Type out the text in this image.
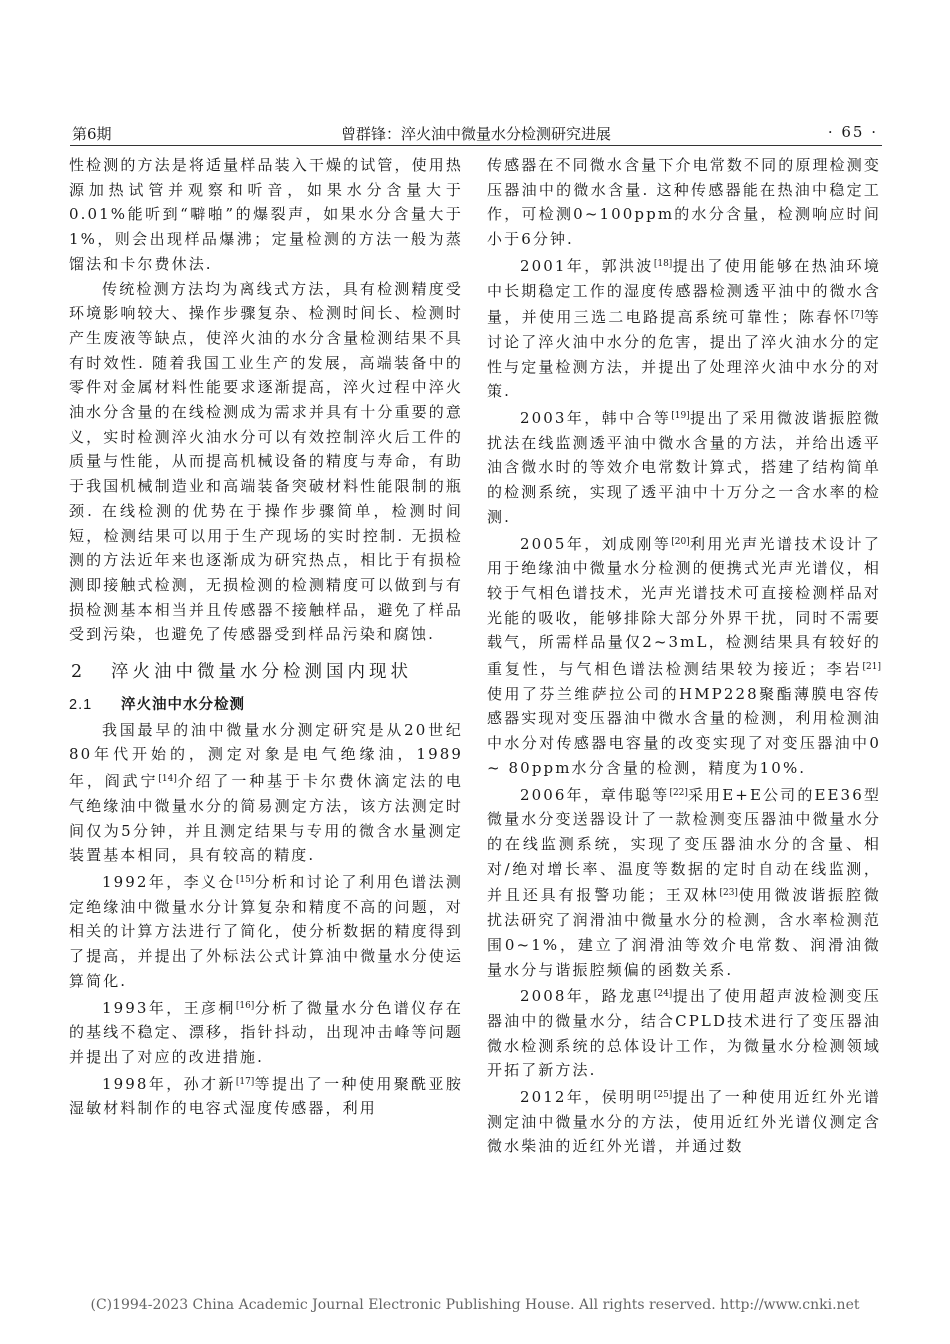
第6期	曾群锋：淬火油中微量水分检测研究进展	· 65 ·

性检测的方法是将适量样品装入干燥的试管，使用热源加热试管并观察和听音，如果水分含量大于0.01%能听到“噼啪”的爆裂声，如果水分含量大于1%，则会出现样品爆沸；定量检测的方法一般为蒸馏法和卡尔费休法.

传统检测方法均为离线式方法，具有检测精度受环境影响较大、操作步骤复杂、检测时间长、检测时产生废液等缺点，使淬火油的水分含量检测结果不具有时效性. 随着我国工业生产的发展，高端装备中的零件对金属材料性能要求逐渐提高，淬火过程中淬火油水分含量的在线检测成为需求并具有十分重要的意义，实时检测淬火油水分可以有效控制淬火后工件的质量与性能，从而提高机械设备的精度与寿命，有助于我国机械制造业和高端装备突破材料性能限制的瓶颈. 在线检测的优势在于操作步骤简单，检测时间短，检测结果可以用于生产现场的实时控制. 无损检测的方法近年来也逐渐成为研究热点，相比于有损检测即接触式检测，无损检测的检测精度可以做到与有损检测基本相当并且传感器不接触样品，避免了样品受到污染，也避免了传感器受到样品污染和腐蚀.

2 淬火油中微量水分检测国内现状
2.1 淬火油中水分检测

我国最早的油中微量水分测定研究是从20世纪80年代开始的，测定对象是电气绝缘油，1989年，阎武宁[14]介绍了一种基于卡尔费休滴定法的电气绝缘油中微量水分的简易测定方法，该方法测定时间仅为5分钟，并且测定结果与专用的微含水量测定装置基本相同，具有较高的精度.

1992年，李义仓[15]分析和讨论了利用色谱法测定绝缘油中微量水分计算复杂和精度不高的问题，对相关的计算方法进行了简化，使分析数据的精度得到了提高，并提出了外标法公式计算油中微量水分使运算简化.

1993年，王彦桐[16]分析了微量水分色谱仪存在的基线不稳定、漂移，指针抖动，出现冲击峰等问题并提出了对应的改进措施.

1998年，孙才新[17]等提出了一种使用聚酰亚胺湿敏材料制作的电容式湿度传感器，利用

传感器在不同微水含量下介电常数不同的原理检测变压器油中的微水含量. 这种传感器能在热油中稳定工作，可检测0~100ppm的水分含量，检测响应时间小于6分钟.

2001年，郭洪波[18]提出了使用能够在热油环境中长期稳定工作的湿度传感器检测透平油中的微水含量，并使用三选二电路提高系统可靠性；陈春怀[7]等讨论了淬火油中水分的危害，提出了淬火油水分的定性与定量检测方法，并提出了处理淬火油中水分的对策.

2003年，韩中合等[19]提出了采用微波谐振腔微扰法在线监测透平油中微水含量的方法，并给出透平油含微水时的等效介电常数计算式，搭建了结构简单的检测系统，实现了透平油中十万分之一含水率的检测.

2005年，刘成刚等[20]利用光声光谱技术设计了用于绝缘油中微量水分检测的便携式光声光谱仪，相较于气相色谱技术，光声光谱技术可直接检测样品对光能的吸收，能够排除大部分外界干扰，同时不需要载气，所需样品量仅2~3mL，检测结果具有较好的重复性，与气相色谱法检测结果较为接近；李岩[21]使用了芬兰维萨拉公司的HMP228聚酯薄膜电容传感器实现对变压器油中微水含量的检测，利用检测油中水分对传感器电容量的改变实现了对变压器油中0 ~ 80ppm水分含量的检测，精度为10%.

2006年，章伟聪等[22]采用E+E公司的EE36型微量水分变送器设计了一款检测变压器油中微量水分的在线监测系统，实现了变压器油水分的含量、相对/绝对增长率、温度等数据的定时自动在线监测，并且还具有报警功能；王双林[23]使用微波谐振腔微扰法研究了润滑油中微量水分的检测，含水率检测范围0~1%，建立了润滑油等效介电常数、润滑油微量水分与谐振腔频偏的函数关系.

2008年，路龙惠[24]提出了使用超声波检测变压器油中的微量水分，结合CPLD技术进行了变压器油微水检测系统的总体设计工作，为微量水分检测领域开拓了新方法.

2012年，侯明明[25]提出了一种使用近红外光谱测定油中微量水分的方法，使用近红外光谱仪测定含微水柴油的近红外光谱，并通过数

(C)1994-2023 China Academic Journal Electronic Publishing House. All rights reserved. http://www.cnki.net
